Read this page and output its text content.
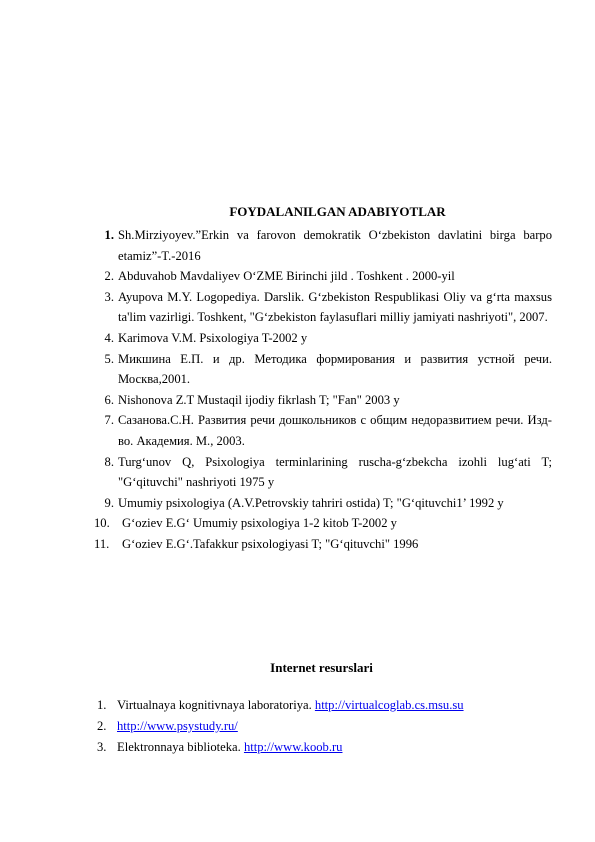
FOYDALANILGAN ADABIYOTLAR
1. Sh.Mirziyoyev.”Erkin va farovon demokratik O‘zbekiston davlatini birga barpo etamiz”-T.-2016
2. Abduvahob Mavdaliyev O‘ZME Birinchi jild . Toshkent . 2000-yil
3. Ayupova M.Y. Logopediya. Darslik. G‘zbekiston Respublikasi Oliy va g‘rta maxsus ta'lim vazirligi. Toshkent, "G‘zbekiston faylasuflari milliy jamiyati nashriyoti", 2007.
4. Karimova V.M. Psixologiya T-2002 y
5. Микшина Е.П. и др. Методика формирования и развития устной речи. Москва,2001.
6. Nishonova Z.T Mustaqil ijodiy fikrlash T; "Fan" 2003 y
7. Сазанова.С.Н. Развития речи дошкольников с общим недоразвитием речи. Изд-во. Академия. М., 2003.
8. Turg‘unov Q, Psixologiya terminlarining ruscha-g‘zbekcha izohli lug‘ati T; "G‘qituvchi" nashriyoti 1975 y
9. Umumiy psixologiya (A.V.Petrovskiy tahriri ostida) T; "G‘qituvchi1’ 1992 y
10. G‘oziev E.G‘ Umumiy psixologiya 1-2 kitob T-2002 y
11.	G‘oziev E.G‘.Tafakkur psixologiyasi T; "G‘qituvchi" 1996
Internet resurslari
1. Virtualnaya kognitivnaya laboratoriya. http://virtualcoglab.cs.msu.su
2. http://www.psystudy.ru/
3. Elektronnaya biblioteka. http://www.koob.ru
